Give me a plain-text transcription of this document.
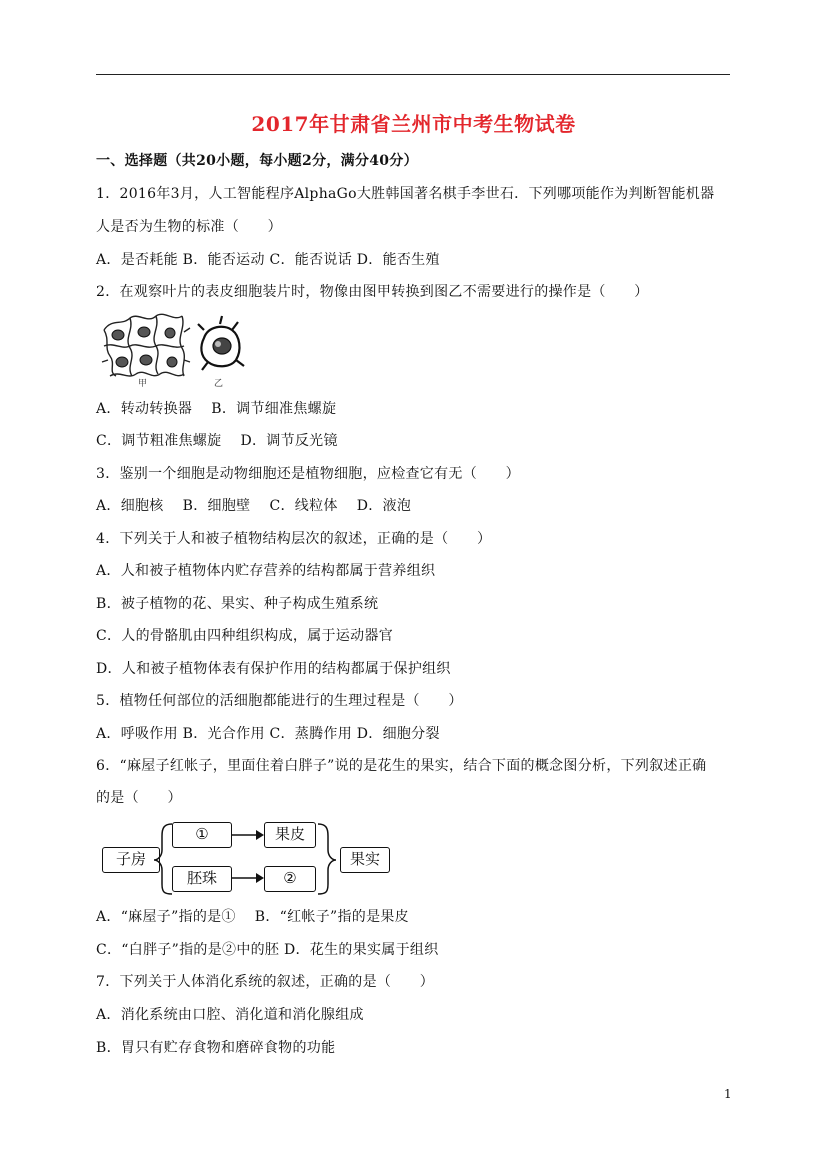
2017年甘肃省兰州市中考生物试卷
一、选择题（共20小题，每小题2分，满分40分）
1．2016年3月，人工智能程序AlphaGo大胜韩国著名棋手李世石．下列哪项能作为判断智能机器
人是否为生物的标准（　　）
A．是否耗能 B．能否运动 C．能否说话 D．能否生殖
2．在观察叶片的表皮细胞装片时，物像由图甲转换到图乙不需要进行的操作是（　　）
甲	乙
A．转动转换器　 B．调节细准焦螺旋
C．调节粗准焦螺旋　 D．调节反光镜
3．鉴别一个细胞是动物细胞还是植物细胞，应检查它有无（　　）
A．细胞核　 B．细胞壁　 C．线粒体　 D．液泡
4．下列关于人和被子植物结构层次的叙述，正确的是（　　）
A．人和被子植物体内贮存营养的结构都属于营养组织
B．被子植物的花、果实、种子构成生殖系统
C．人的骨骼肌由四种组织构成，属于运动器官
D．人和被子植物体表有保护作用的结构都属于保护组织
5．植物任何部位的活细胞都能进行的生理过程是（　　）
A．呼吸作用 B．光合作用 C．蒸腾作用 D．细胞分裂
6．“麻屋子红帐子，里面住着白胖子”说的是花生的果实，结合下面的概念图分析，下列叙述正确
的是（　　）
子房
①	果皮
胚珠	②
果实
A．“麻屋子”指的是①　 B．“红帐子”指的是果皮
C．“白胖子”指的是②中的胚 D．花生的果实属于组织
7．下列关于人体消化系统的叙述，正确的是（　　）
A．消化系统由口腔、消化道和消化腺组成
B．胃只有贮存食物和磨碎食物的功能
1
